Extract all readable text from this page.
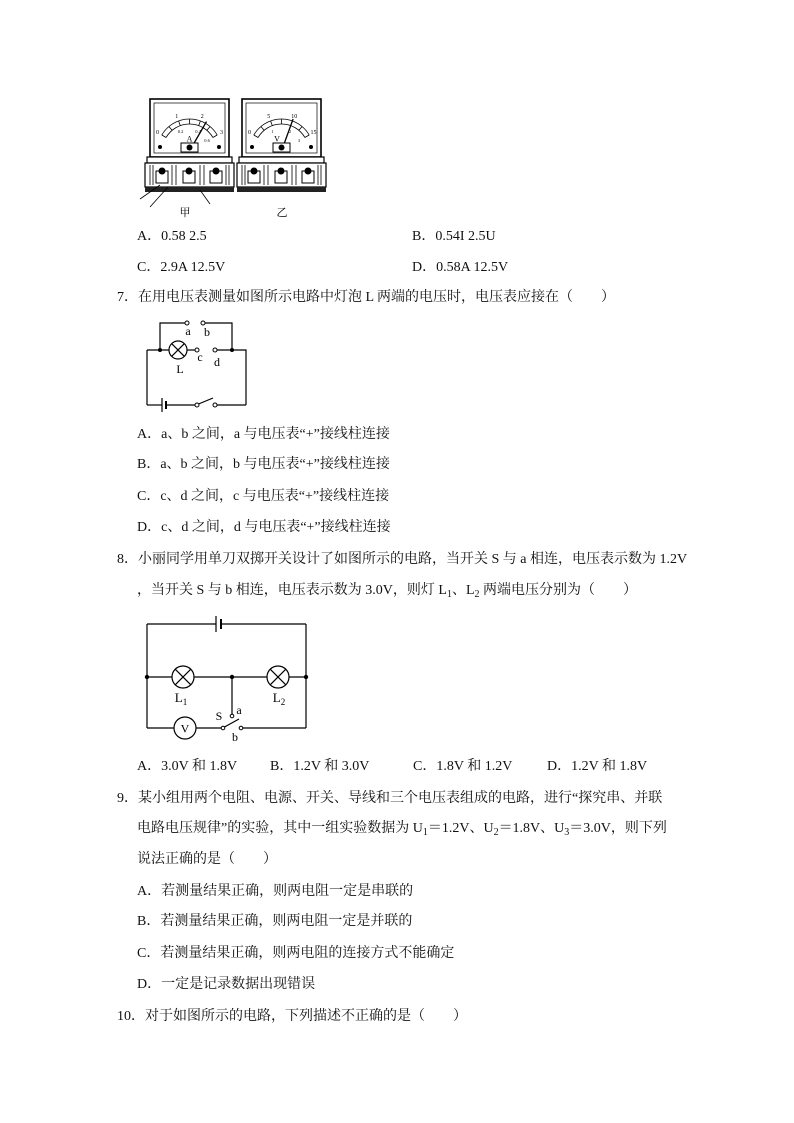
0
1	2
3
0.2	0.4
0.6
A
甲
0
5	10
15
1	2
3
V
乙
A．0.58 2.5	B．0.54I 2.5U
C．2.9A 12.5V	D．0.58A 12.5V
7．在用电压表测量如图所示电路中灯泡 L 两端的电压时，电压表应接在（　　）
a b
c d
L
A．a、b 之间，a 与电压表“+”接线柱连接
B．a、b 之间，b 与电压表“+”接线柱连接
C．c、d 之间，c 与电压表“+”接线柱连接
D．c、d 之间，d 与电压表“+”接线柱连接
8．小丽同学用单刀双掷开关设计了如图所示的电路，当开关 S 与 a 相连，电压表示数为 1.2V
，当开关 S 与 b 相连，电压表示数为 3.0V，则灯 $L_1$、$L_2$ 两端电压分别为（　　）
V
$L_1$	$L_2$
S a
b
A．3.0V 和 1.8V B．1.2V 和 3.0V	C．1.8V 和 1.2V D．1.2V 和 1.8V
9．某小组用两个电阻、电源、开关、导线和三个电压表组成的电路，进行“探究串、并联
电路电压规律”的实验，其中一组实验数据为 $U_1=1.2V$、$U_2=1.8V$、$U_3=3.0V$，则下列
说法正确的是（　　）
A．若测量结果正确，则两电阻一定是串联的
B．若测量结果正确，则两电阻一定是并联的
C．若测量结果正确，则两电阻的连接方式不能确定
D．一定是记录数据出现错误
10．对于如图所示的电路，下列描述不正确的是（　　）
